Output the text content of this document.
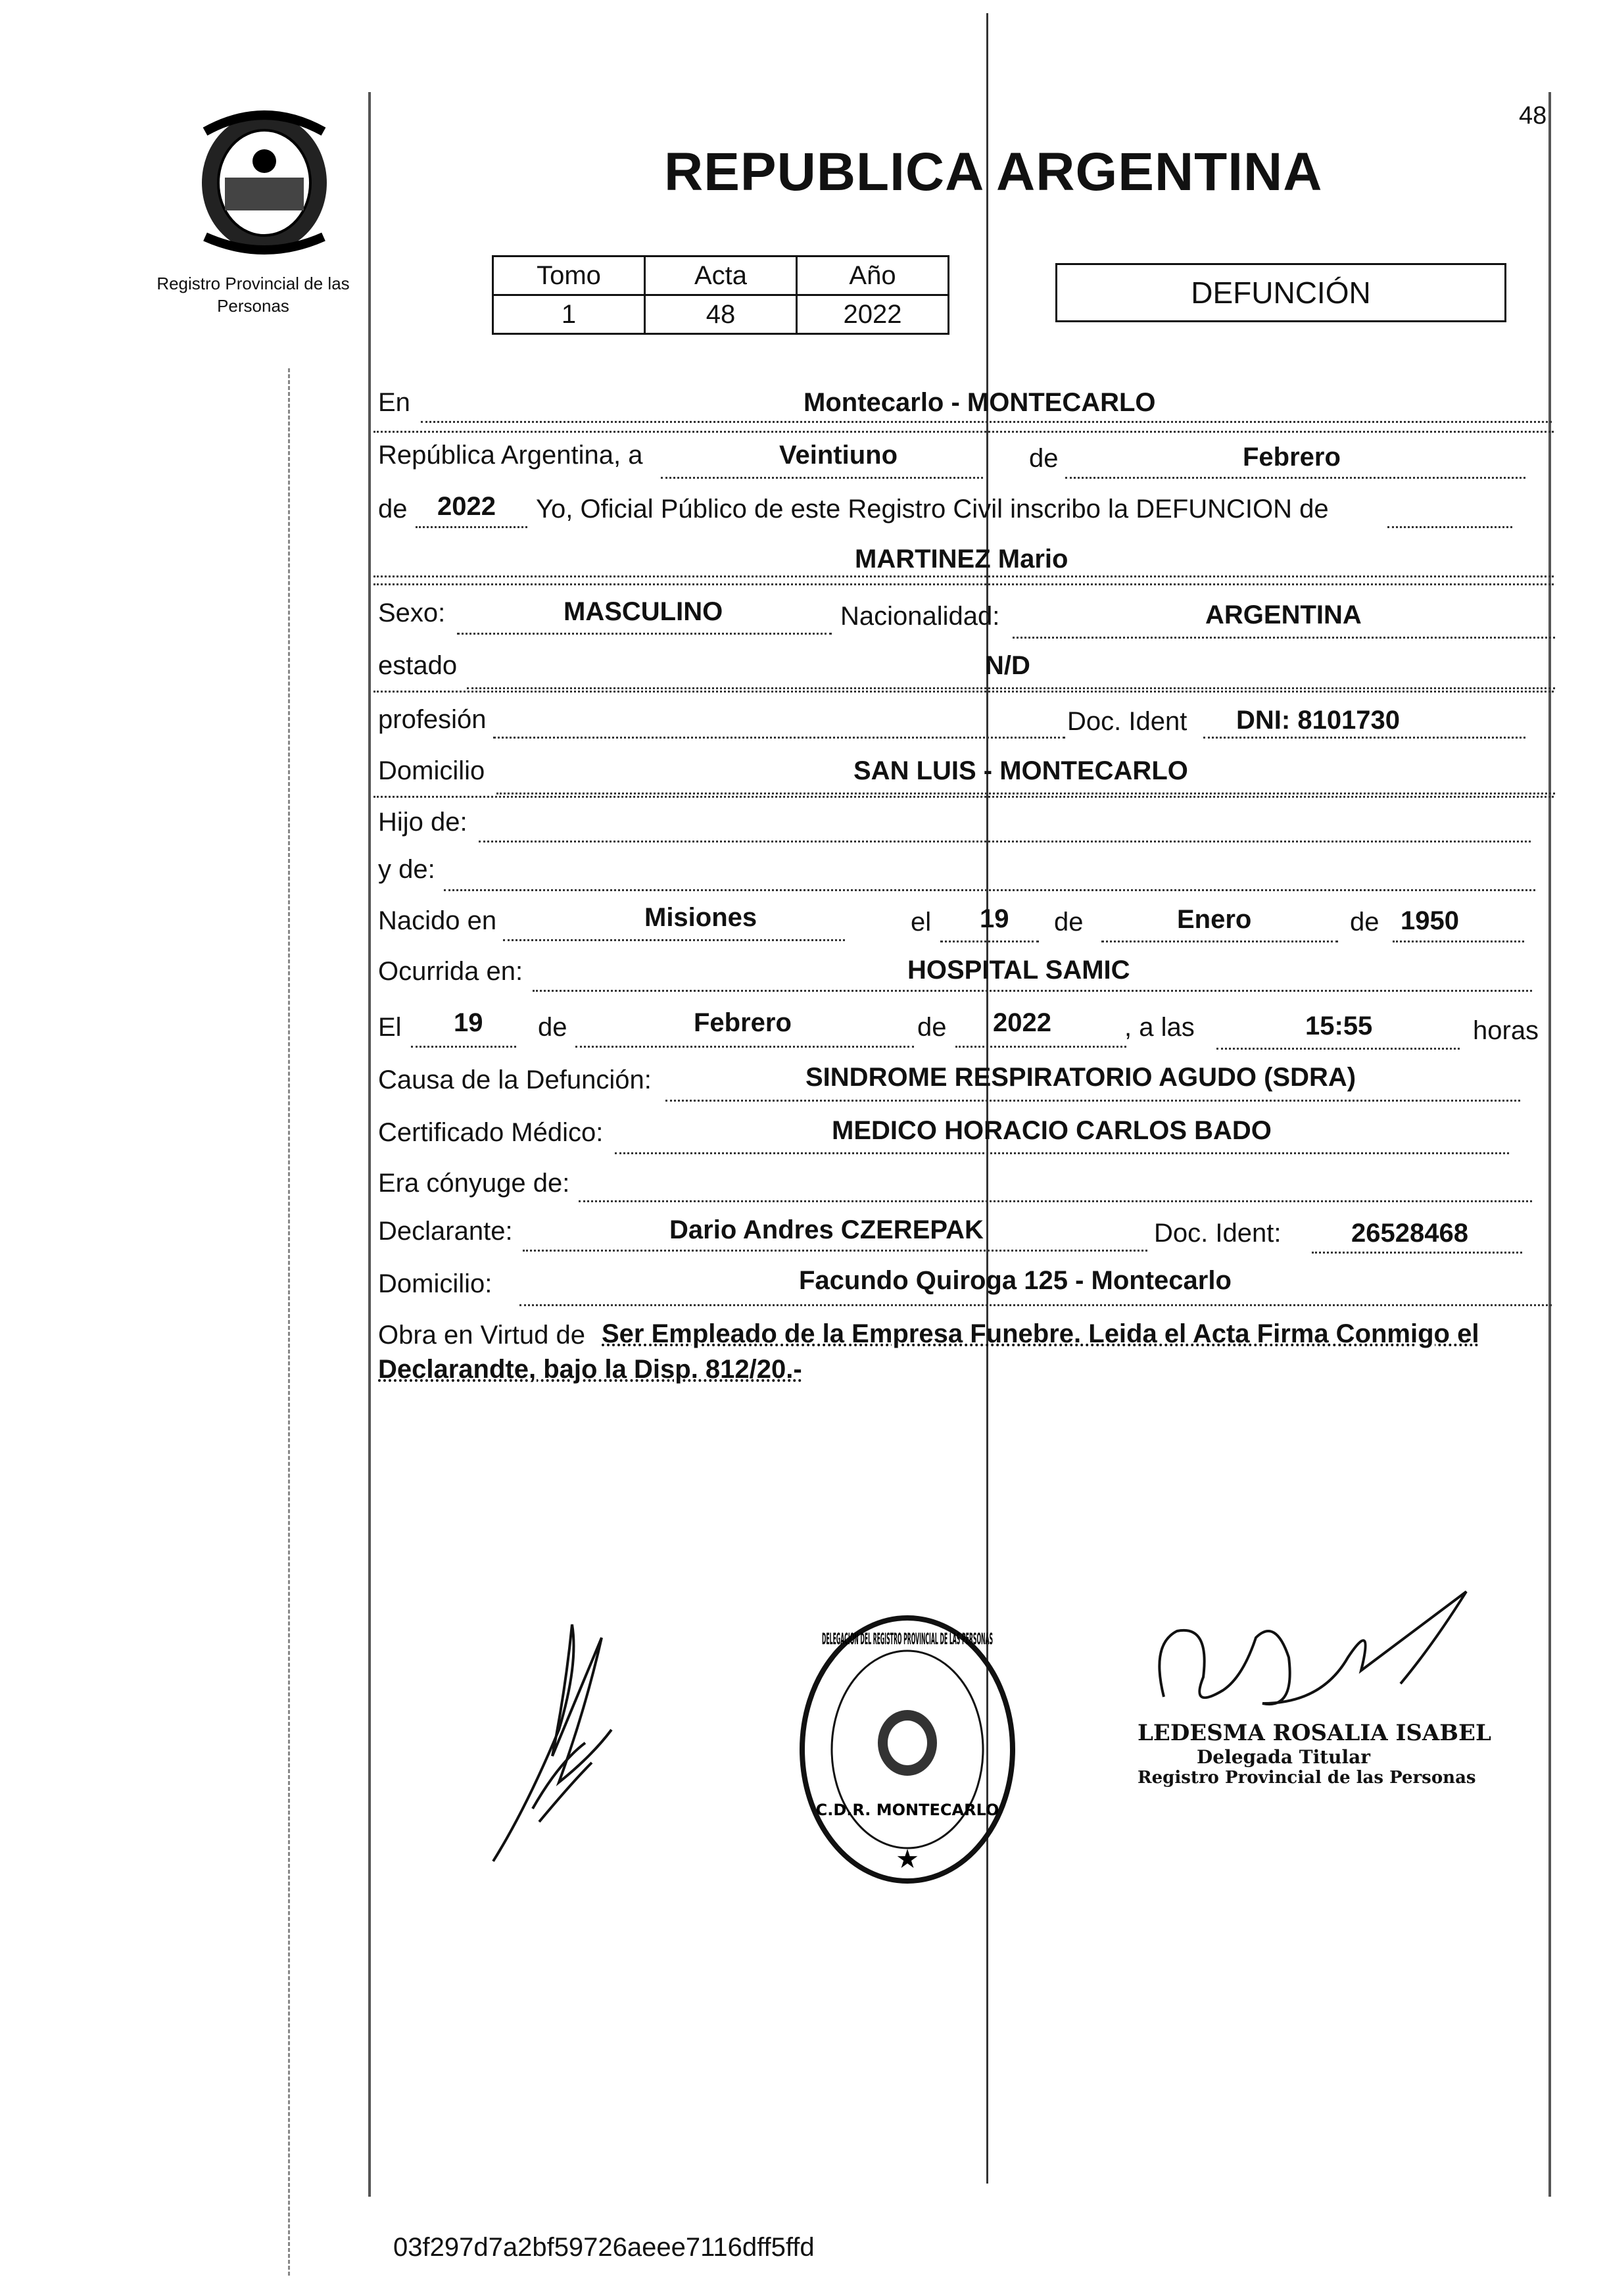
48
Registro Provincial de las Personas
REPUBLICA ARGENTINA
Tomo	Acta	Año
1	48	2022
DEFUNCIÓN
En	Montecarlo - MONTECARLO
República Argentina, a	Veintiuno	de	Febrero
de 2022 Yo, Oficial Público de este Registro Civil inscribo la DEFUNCION de
MARTINEZ Mario
Sexo:	MASCULINO	Nacionalidad:	ARGENTINA
estado	N/D
profesión	Doc. Ident DNI: 8101730
Domicilio	SAN LUIS - MONTECARLO
Hijo de:
y de:
Nacido en	Misiones	el 19 de	Enero	de 1950
Ocurrida en:	HOSPITAL SAMIC
El 19 de	Febrero	de 2022	, a las	15:55	horas
Causa de la Defunción:	SINDROME RESPIRATORIO AGUDO (SDRA)
Certificado Médico:	MEDICO HORACIO CARLOS BADO
Era cónyuge de:
Declarante:	Dario Andres CZEREPAK	Doc. Ident:	26528468
Domicilio:	Facundo Quiroga 125 - Montecarlo
Obra en Virtud de Ser Empleado de la Empresa Funebre. Leida el Acta Firma Conmigo el
Declarandte, bajo la Disp. 812/20.-
DELEGACION DEL REGISTRO PROVINCIAL DE LAS PERSONAS
C.D.R. MONTECARLO
★
LEDESMA ROSALIA ISABEL
Delegada Titular
Registro Provincial de las Personas
03f297d7a2bf59726aeee7116dff5ffd
